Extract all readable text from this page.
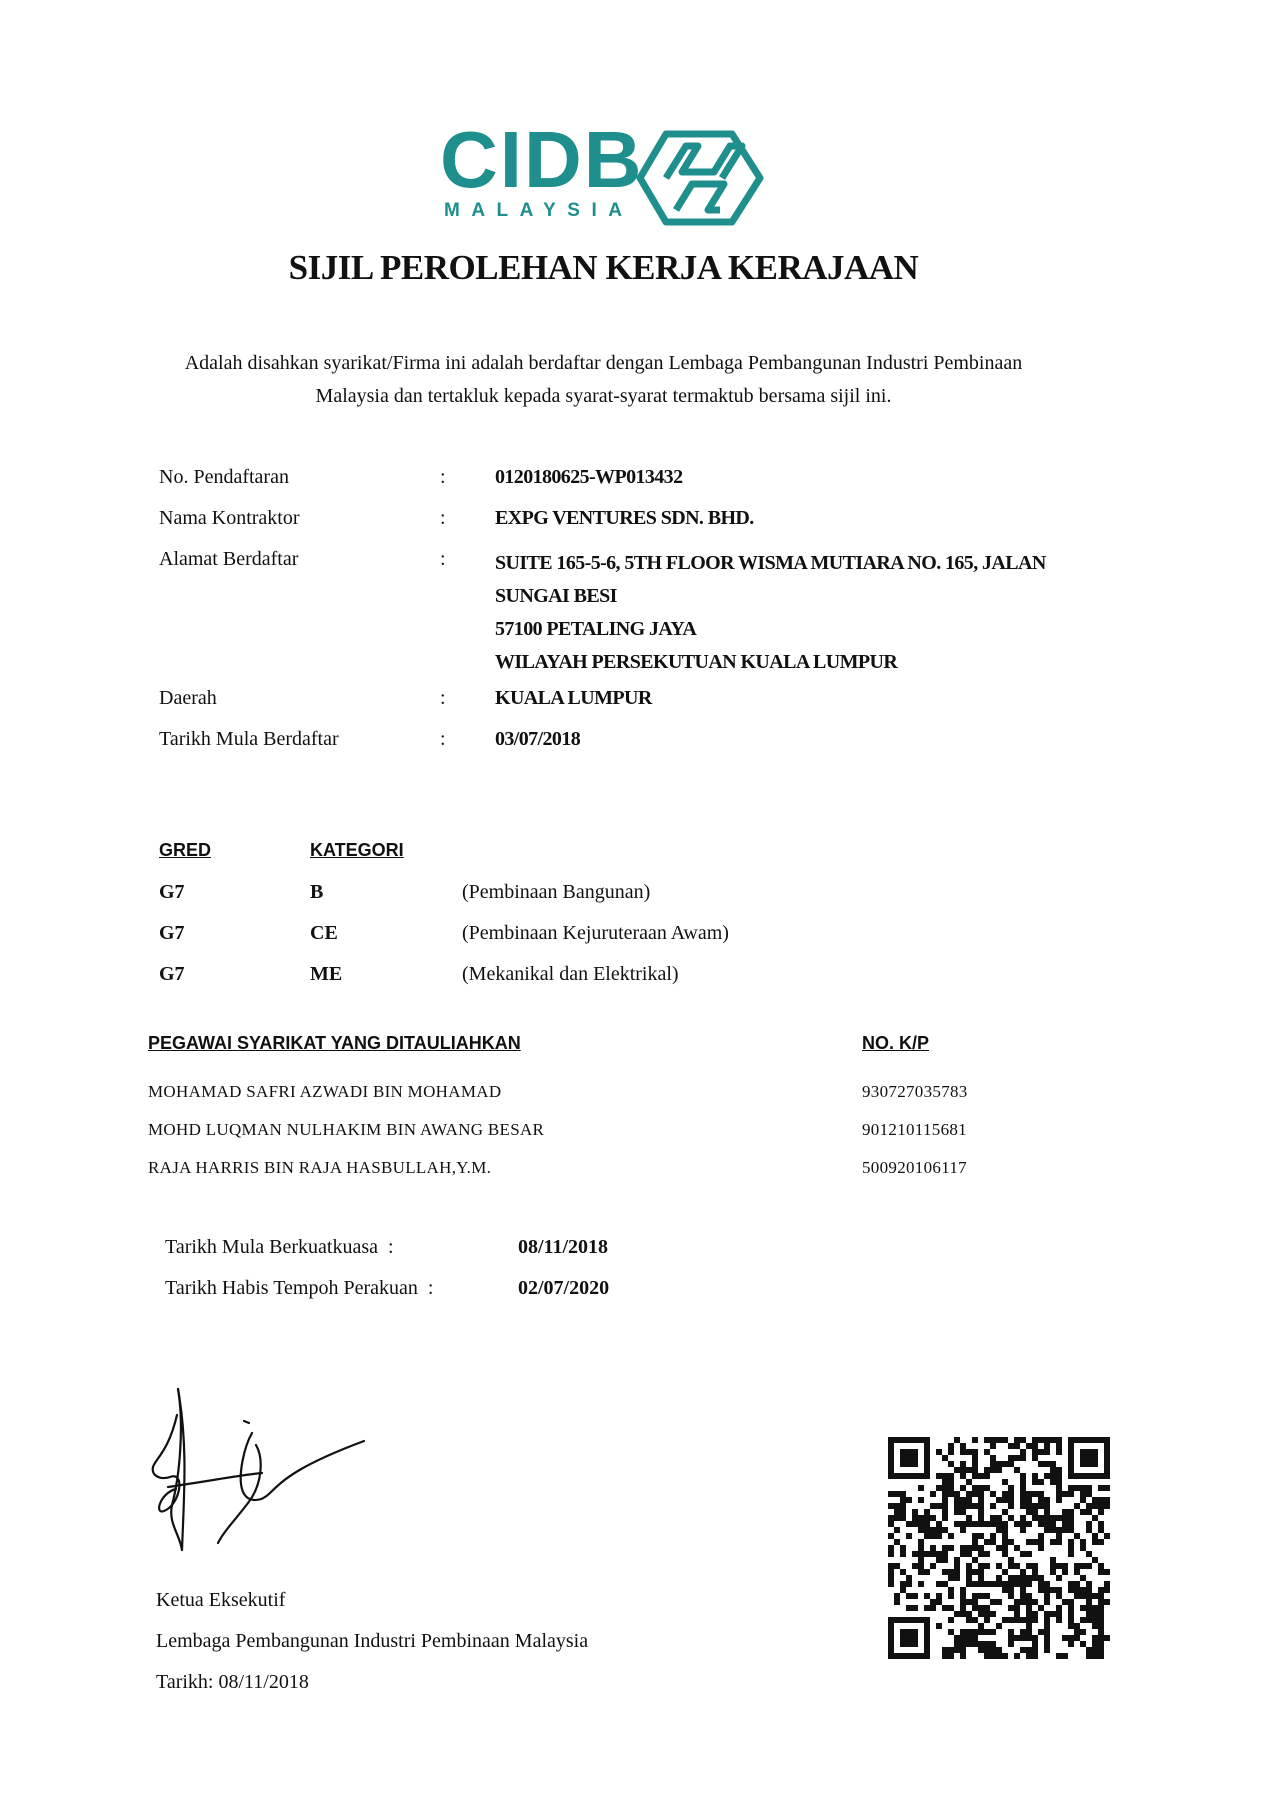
CIDB
MALAYSIA
SIJIL PEROLEHAN KERJA KERAJAAN
Adalah disahkan syarikat/Firma ini adalah berdaftar dengan Lembaga Pembangunan Industri Pembinaan
Malaysia dan tertakluk kepada syarat-syarat termaktub bersama sijil ini.
No. Pendaftaran	: 0120180625-WP013432
Nama Kontraktor	: EXPG VENTURES SDN. BHD.
Alamat Berdaftar	: SUITE 165-5-6, 5TH FLOOR WISMA MUTIARA NO. 165, JALAN
SUNGAI BESI
57100 PETALING JAYA
WILAYAH PERSEKUTUAN KUALA LUMPUR
Daerah	: KUALA LUMPUR
Tarikh Mula Berdaftar	: 03/07/2018
GRED	KATEGORI
G7	B	(Pembinaan Bangunan)
G7	CE	(Pembinaan Kejuruteraan Awam)
G7	ME	(Mekanikal dan Elektrikal)
PEGAWAI SYARIKAT YANG DITAULIAHKAN	NO. K/P
MOHAMAD SAFRI AZWADI BIN MOHAMAD	930727035783
MOHD LUQMAN NULHAKIM BIN AWANG BESAR	901210115681
RAJA HARRIS BIN RAJA HASBULLAH,Y.M.	500920106117
Tarikh Mula Berkuatkuasa  :	08/11/2018
Tarikh Habis Tempoh Perakuan  :	02/07/2020
Ketua Eksekutif
Lembaga Pembangunan Industri Pembinaan Malaysia
Tarikh: 08/11/2018
